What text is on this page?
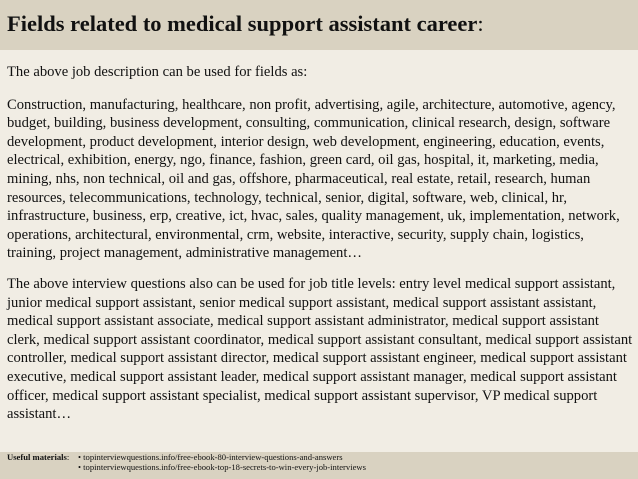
Fields related to medical support assistant career:

The above job description can be used for fields as:

Construction, manufacturing, healthcare, non profit, advertising, agile, architecture, automotive, agency, budget, building, business development, consulting, communication, clinical research, design, software development, product development, interior design, web development, engineering, education, events, electrical, exhibition, energy, ngo, finance, fashion, green card, oil gas, hospital, it, marketing, media, mining, nhs, non technical, oil and gas, offshore, pharmaceutical, real estate, retail, research, human resources, telecommunications, technology, technical, senior, digital, software, web, clinical, hr, infrastructure, business, erp, creative, ict, hvac, sales, quality management, uk, implementation, network, operations, architectural, environmental, crm, website, interactive, security, supply chain, logistics, training, project management, administrative management…

The above interview questions also can be used for job title levels: entry level medical support assistant, junior medical support assistant, senior medical support assistant, medical support assistant assistant, medical support assistant associate, medical support assistant administrator, medical support assistant clerk, medical support assistant coordinator, medical support assistant consultant, medical support assistant controller, medical support assistant director, medical support assistant engineer, medical support assistant executive, medical support assistant leader, medical support assistant manager, medical support assistant officer, medical support assistant specialist, medical support assistant supervisor, VP medical support assistant…

Useful materials: • topinterviewquestions.info/free-ebook-80-interview-questions-and-answers
• topinterviewquestions.info/free-ebook-top-18-secrets-to-win-every-job-interviews
